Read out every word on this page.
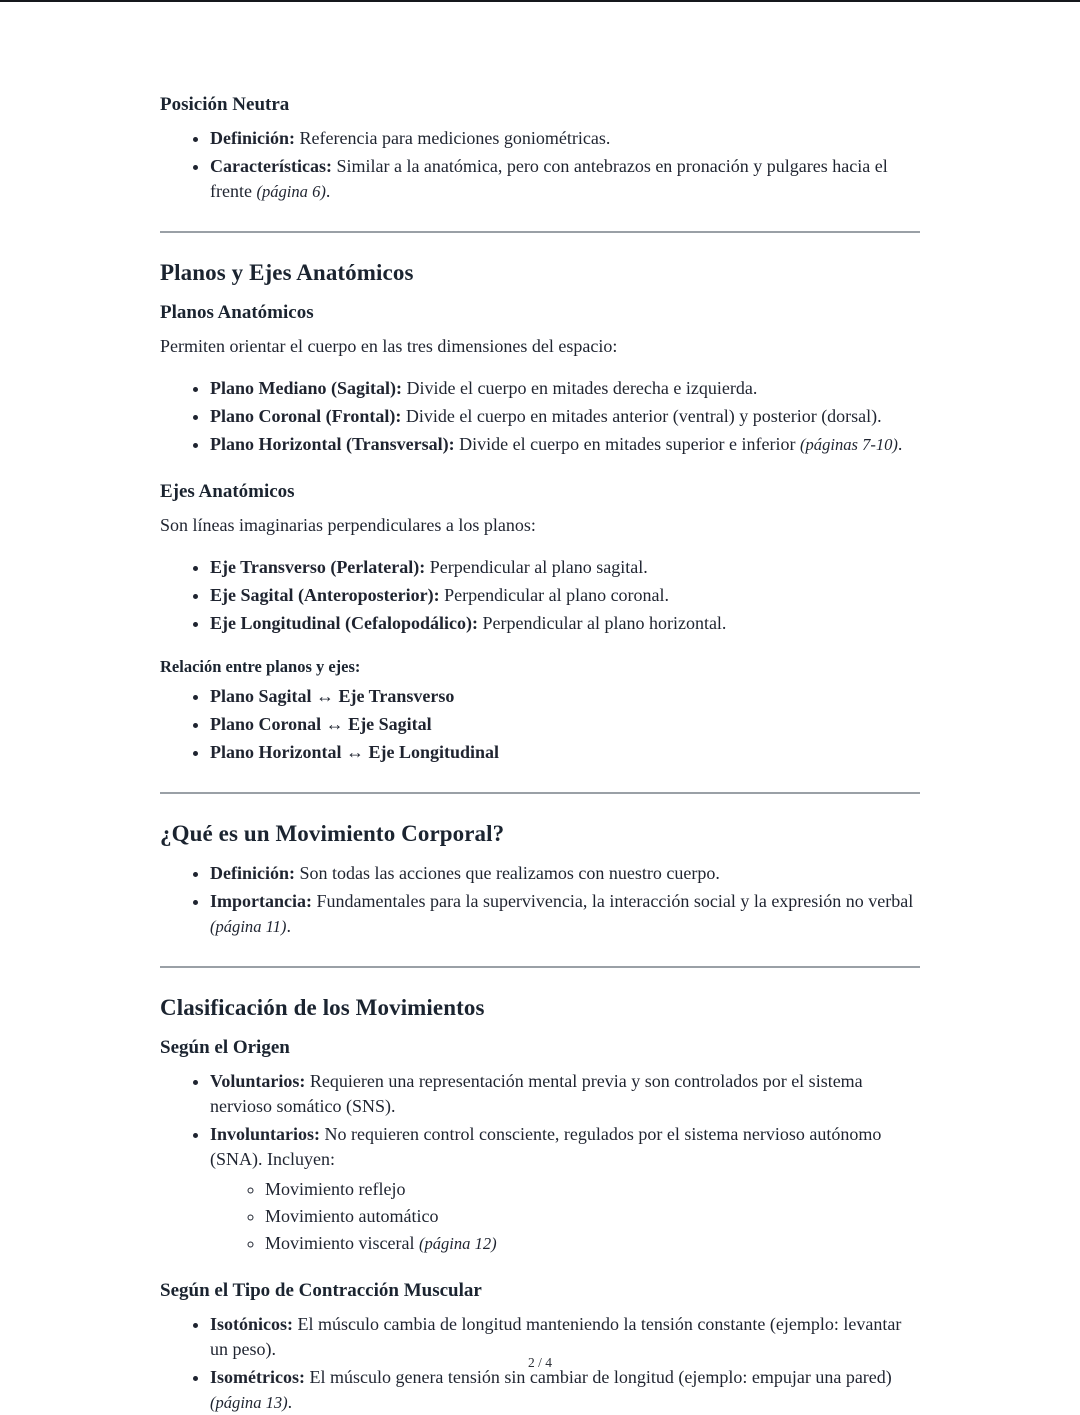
Posición Neutra
• Definición: Referencia para mediciones goniométricas.
• Características: Similar a la anatómica, pero con antebrazos en pronación y pulgares hacia el frente (página 6).
Planos y Ejes Anatómicos
Planos Anatómicos

Permiten orientar el cuerpo en las tres dimensiones del espacio:

• Plano Mediano (Sagital): Divide el cuerpo en mitades derecha e izquierda.
• Plano Coronal (Frontal): Divide el cuerpo en mitades anterior (ventral) y posterior (dorsal).
• Plano Horizontal (Transversal): Divide el cuerpo en mitades superior e inferior (páginas 7-10).
Ejes Anatómicos

Son líneas imaginarias perpendiculares a los planos:

• Eje Transverso (Perlateral): Perpendicular al plano sagital.
• Eje Sagital (Anteroposterior): Perpendicular al plano coronal.
• Eje Longitudinal (Cefalopodálico): Perpendicular al plano horizontal.
Relación entre planos y ejes:
• Plano Sagital ↔ Eje Transverso
• Plano Coronal ↔ Eje Sagital
• Plano Horizontal ↔ Eje Longitudinal
¿Qué es un Movimiento Corporal?
• Definición: Son todas las acciones que realizamos con nuestro cuerpo.
• Importancia: Fundamentales para la supervivencia, la interacción social y la expresión no verbal (página 11).
Clasificación de los Movimientos
Según el Origen
• Voluntarios: Requieren una representación mental previa y son controlados por el sistema nervioso somático (SNS).
• Involuntarios: No requieren control consciente, regulados por el sistema nervioso autónomo (SNA). Incluyen:
◦ Movimiento reflejo
◦ Movimiento automático
◦ Movimiento visceral (página 12)
Según el Tipo de Contracción Muscular
• Isotónicos: El músculo cambia de longitud manteniendo la tensión constante (ejemplo: levantar un peso).
• Isométricos: El músculo genera tensión sin cambiar de longitud (ejemplo: empujar una pared) (página 13).
2 / 4
